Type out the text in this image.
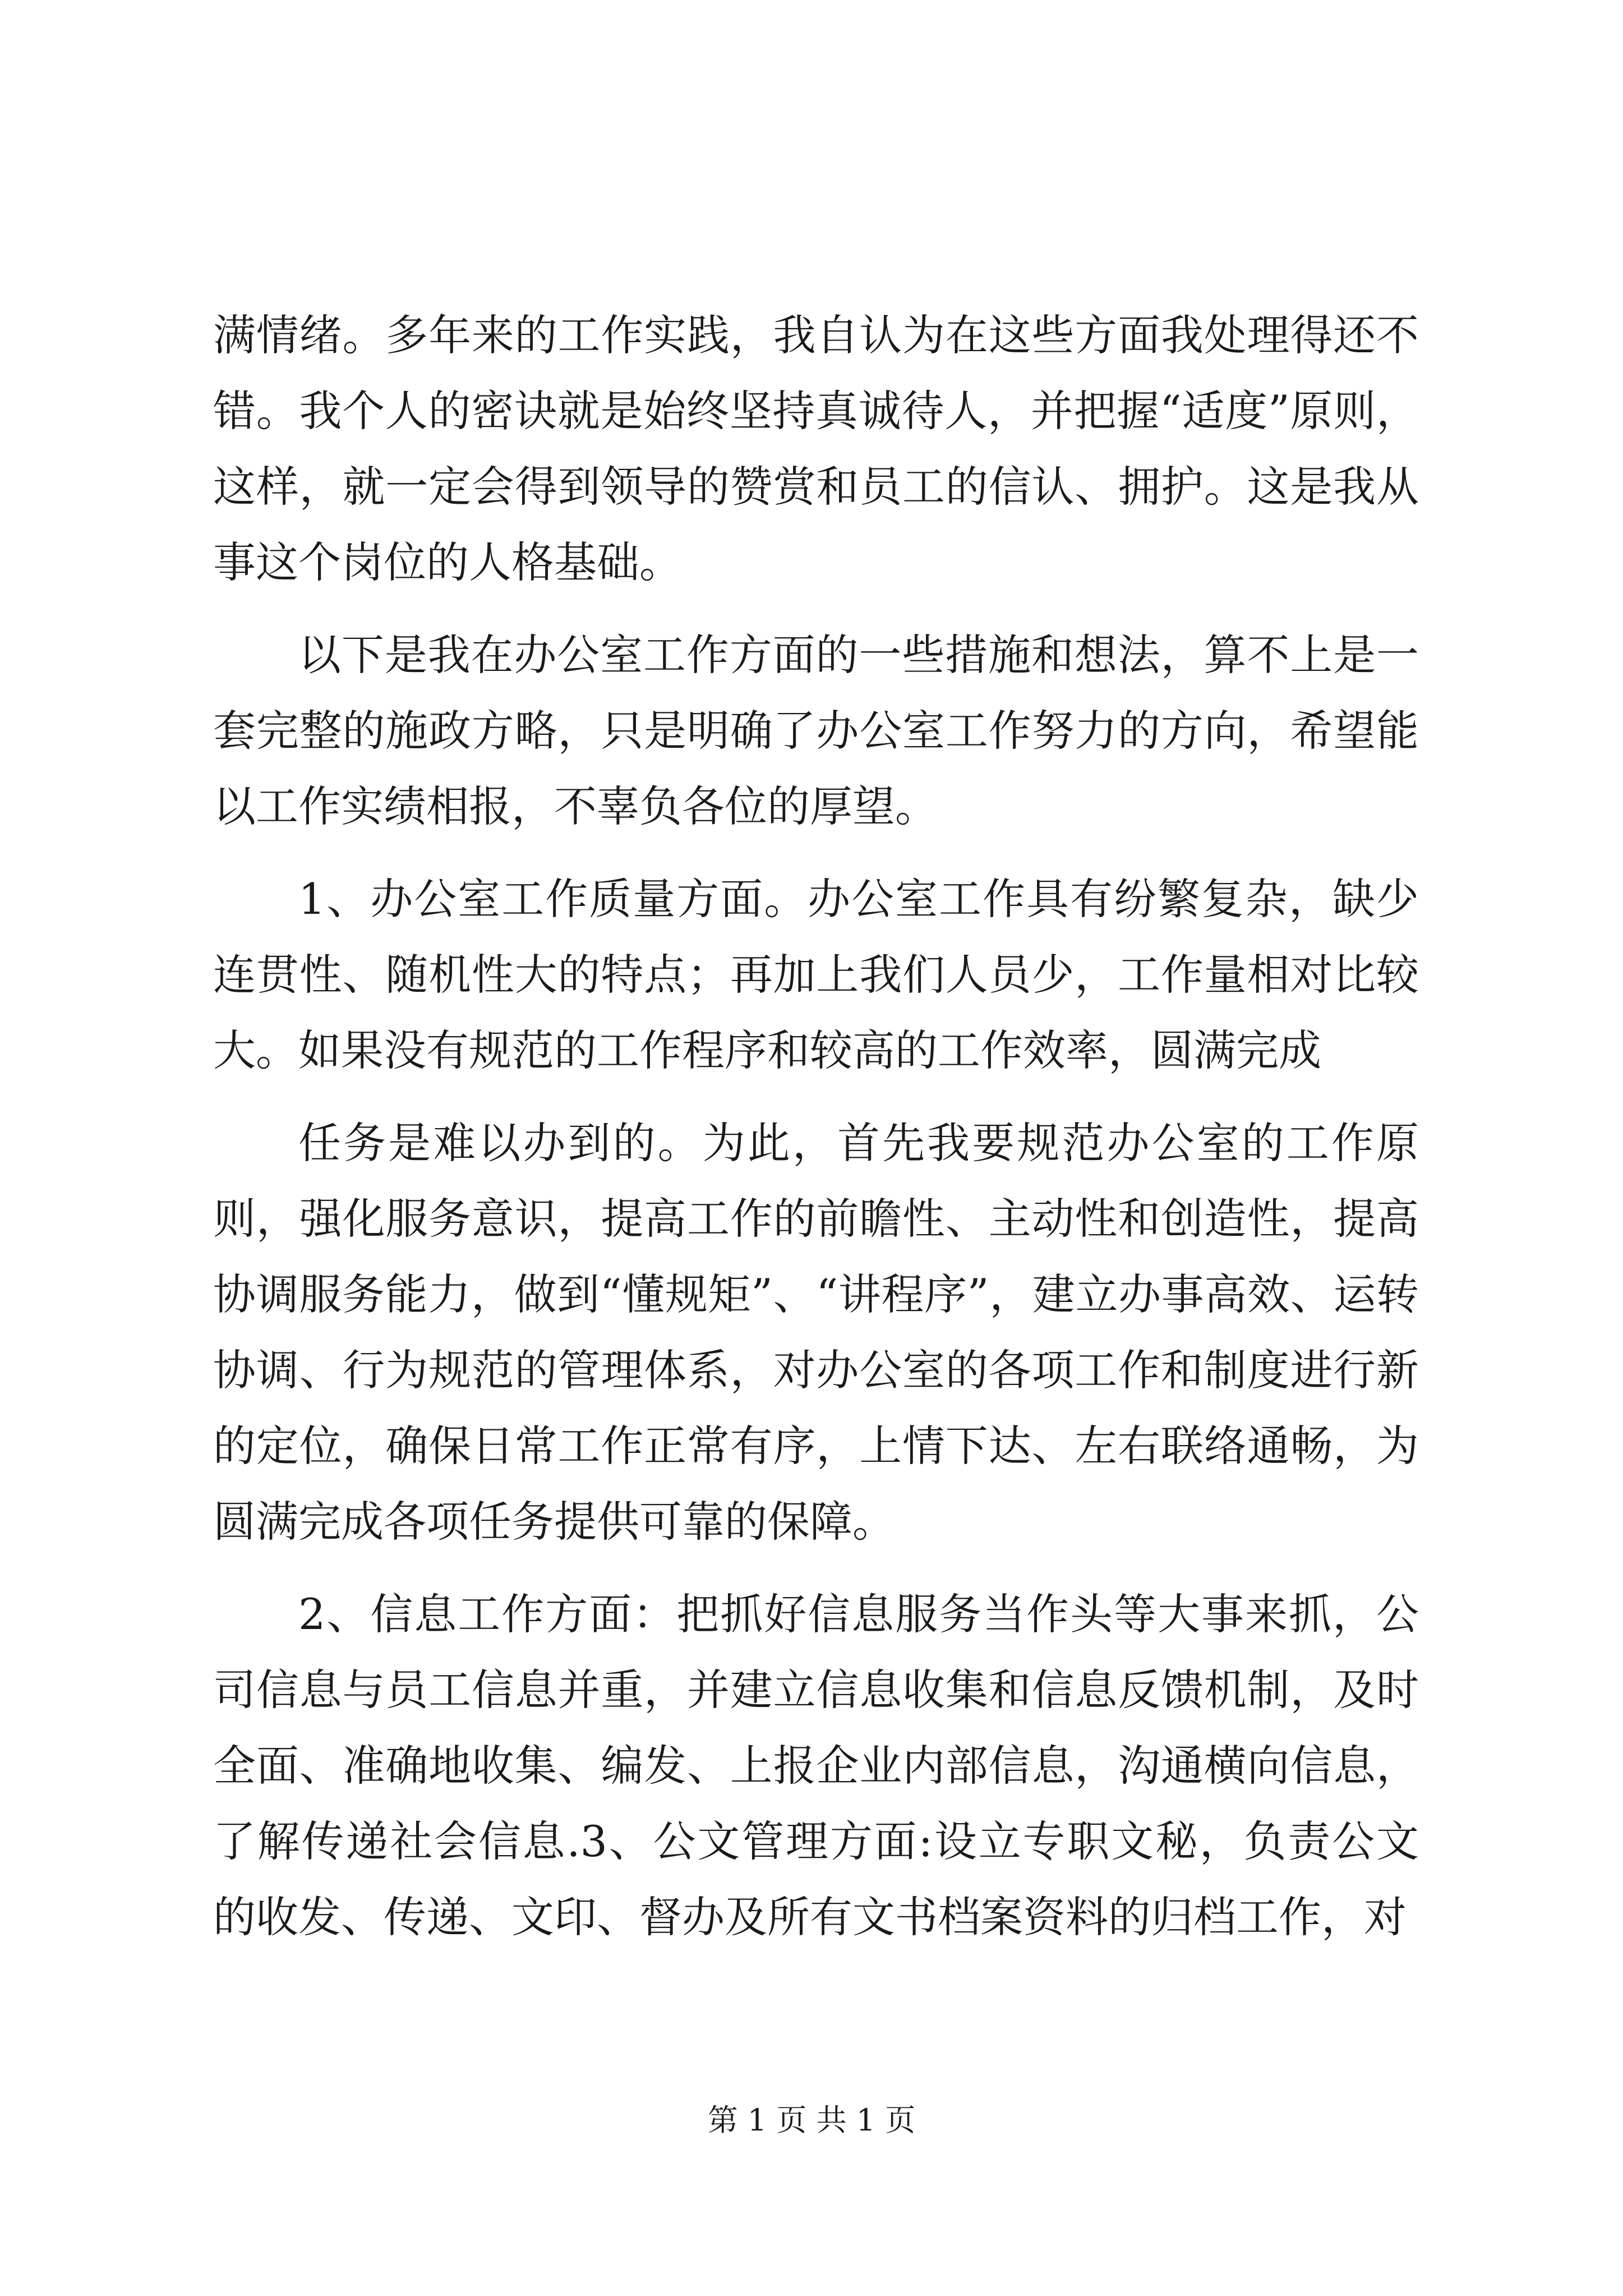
满情绪。多年来的工作实践，我自认为在这些方面我处理得还不错。我个人的密诀就是始终坚持真诚待人，并把握“适度”原则，这样，就一定会得到领导的赞赏和员工的信认、拥护。这是我从事这个岗位的人格基础。

以下是我在办公室工作方面的一些措施和想法，算不上是一套完整的施政方略，只是明确了办公室工作努力的方向，希望能以工作实绩相报，不辜负各位的厚望。

1、办公室工作质量方面。办公室工作具有纷繁复杂，缺少连贯性、随机性大的特点；再加上我们人员少，工作量相对比较大。如果没有规范的工作程序和较高的工作效率，圆满完成

任务是难以办到的。为此，首先我要规范办公室的工作原则，强化服务意识，提高工作的前瞻性、主动性和创造性，提高协调服务能力，做到“懂规矩”、“讲程序”，建立办事高效、运转协调、行为规范的管理体系，对办公室的各项工作和制度进行新的定位，确保日常工作正常有序，上情下达、左右联络通畅，为圆满完成各项任务提供可靠的保障。

2、信息工作方面：把抓好信息服务当作头等大事来抓，公司信息与员工信息并重，并建立信息收集和信息反馈机制，及时全面、准确地收集、编发、上报企业内部信息，沟通横向信息，了解传递社会信息.3、公文管理方面:设立专职文秘，负责公文的收发、传递、文印、督办及所有文书档案资料的归档工作，对

第 1 页 共 1 页
